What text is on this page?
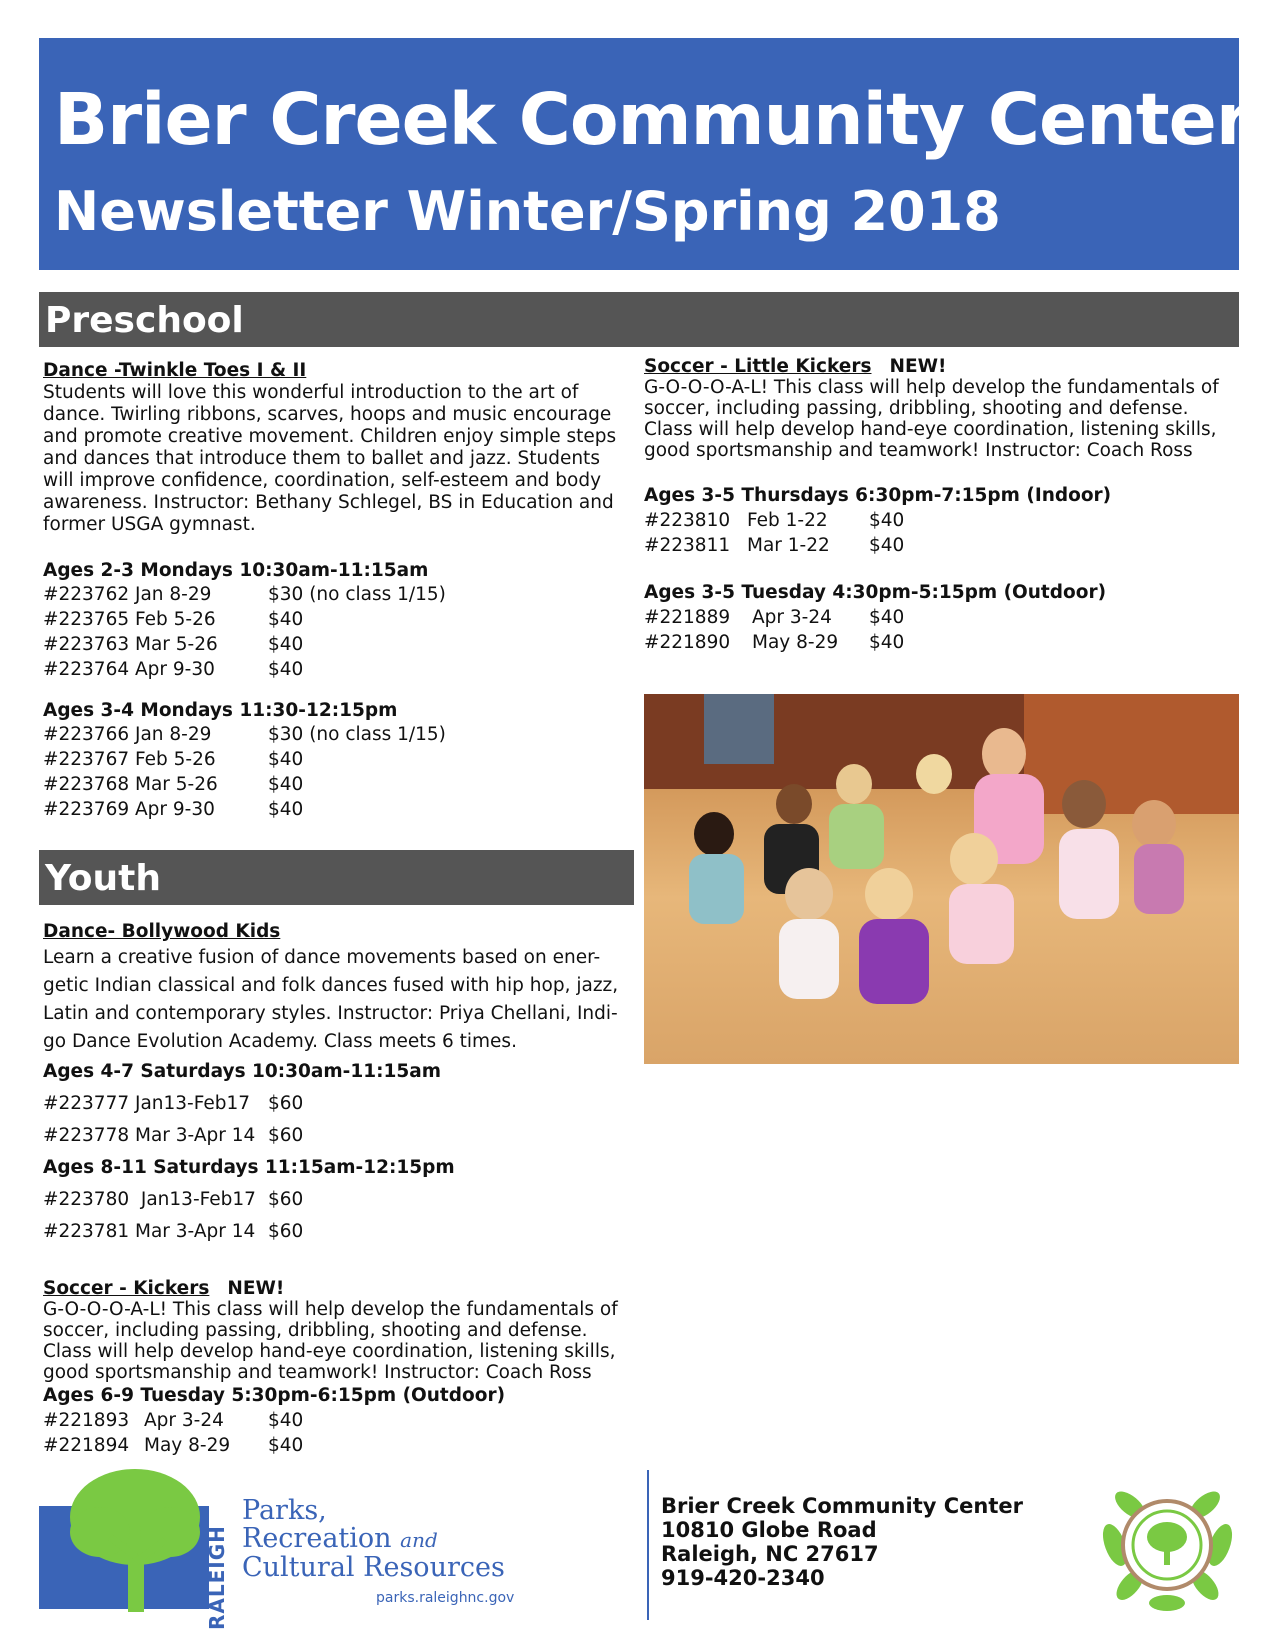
Brier Creek Community Center
Newsletter Winter/Spring 2018
Preschool
Youth

Dance -Twinkle Toes I & II

Students will love this wonderful introduction to the art of

dance. Twirling ribbons, scarves, hoops and music encourage

and promote creative movement. Children enjoy simple steps

and dances that introduce them to ballet and jazz. Students

will improve confidence, coordination, self-esteem and body

awareness. Instructor: Bethany Schlegel, BS in Education and

former USGA gymnast.

Ages 2-3 Mondays 10:30am-11:15am

#223762 Jan 8-29	$30 (no class 1/15)
#223765 Feb 5-26	$40
#223763 Mar 5-26	$40
#223764 Apr 9-30	$40

Ages 3-4 Mondays 11:30-12:15pm

#223766 Jan 8-29	$30 (no class 1/15)
#223767 Feb 5-26	$40
#223768 Mar 5-26	$40
#223769 Apr 9-30	$40

Dance- Bollywood Kids

Learn a creative fusion of dance movements based on ener-

getic Indian classical and folk dances fused with hip hop, jazz,

Latin and contemporary styles. Instructor: Priya Chellani, Indi-

go Dance Evolution Academy. Class meets 6 times.

Ages 4-7 Saturdays 10:30am-11:15am

#223777 Jan13-Feb17 $60
#223778 Mar 3-Apr 14 $60

Ages 8-11 Saturdays 11:15am-12:15pm

#223780  Jan13-Feb17 $60
#223781 Mar 3-Apr 14 $60

Soccer - Kickers NEW!

G-O-O-O-A-L! This class will help develop the fundamentals of

soccer, including passing, dribbling, shooting and defense.

Class will help develop hand-eye coordination, listening skills,

good sportsmanship and teamwork! Instructor: Coach Ross

Ages 6-9 Tuesday 5:30pm-6:15pm (Outdoor)

#221893 Apr 3-24 $40
#221894 May 8-29 $40

Soccer - Little Kickers NEW!

G-O-O-O-A-L! This class will help develop the fundamentals of

soccer, including passing, dribbling, shooting and defense.

Class will help develop hand-eye coordination, listening skills,

good sportsmanship and teamwork! Instructor: Coach Ross

Ages 3-5 Thursdays 6:30pm-7:15pm (Indoor)

#223810 Feb 1-22 $40
#223811 Mar 1-22 $40

Ages 3-5 Tuesday 4:30pm-5:15pm (Outdoor)

#221889 Apr 3-24 $40
#221890 May 8-29 $40
RALEIGH
Parks,
Recreation and
Cultural Resources
parks.raleighnc.gov
Brier Creek Community Center
10810 Globe Road
Raleigh, NC 27617
919-420-2340
